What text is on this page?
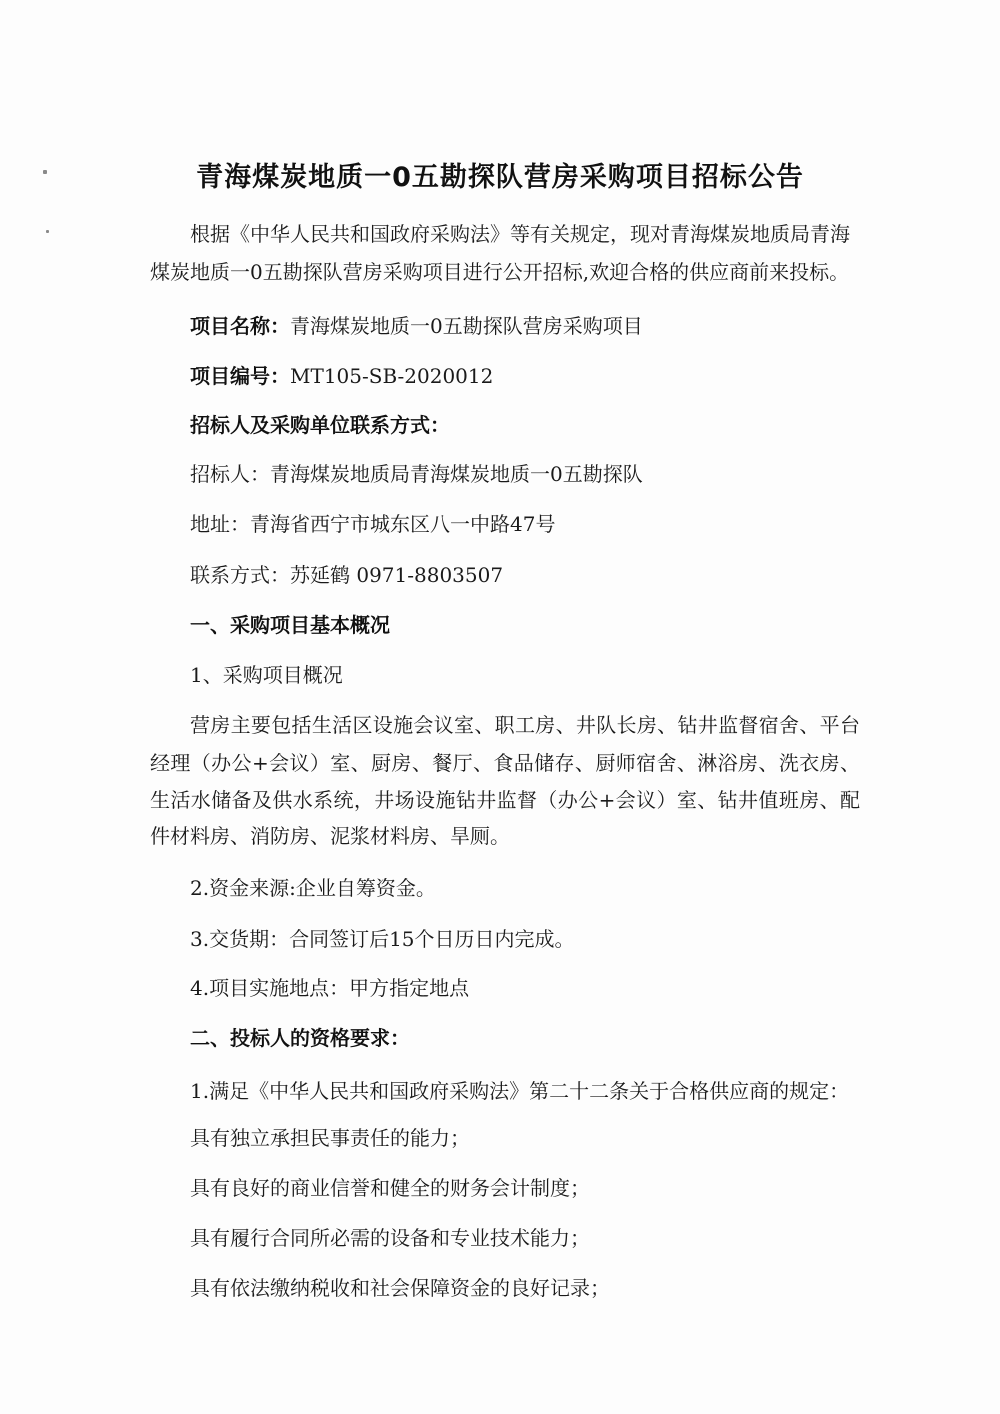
青海煤炭地质一0五勘探队营房采购项目招标公告
根据《中华人民共和国政府采购法》等有关规定，现对青海煤炭地质局青海
煤炭地质一0五勘探队营房采购项目进行公开招标,欢迎合格的供应商前来投标。
项目名称：青海煤炭地质一0五勘探队营房采购项目
项目编号：MT105-SB-2020012
招标人及采购单位联系方式：
招标人：青海煤炭地质局青海煤炭地质一0五勘探队
地址：青海省西宁市城东区八一中路47号
联系方式：苏延鹤 0971-8803507
一、采购项目基本概况
1、采购项目概况
营房主要包括生活区设施会议室、职工房、井队长房、钻井监督宿舍、平台
经理（办公+会议）室、厨房、餐厅、食品储存、厨师宿舍、淋浴房、洗衣房、
生活水储备及供水系统，井场设施钻井监督（办公+会议）室、钻井值班房、配
件材料房、消防房、泥浆材料房、旱厕。
2.资金来源:企业自筹资金。
3.交货期：合同签订后15个日历日内完成。
4.项目实施地点：甲方指定地点
二、投标人的资格要求：
1.满足《中华人民共和国政府采购法》第二十二条关于合格供应商的规定：
具有独立承担民事责任的能力；
具有良好的商业信誉和健全的财务会计制度；
具有履行合同所必需的设备和专业技术能力；
具有依法缴纳税收和社会保障资金的良好记录；
